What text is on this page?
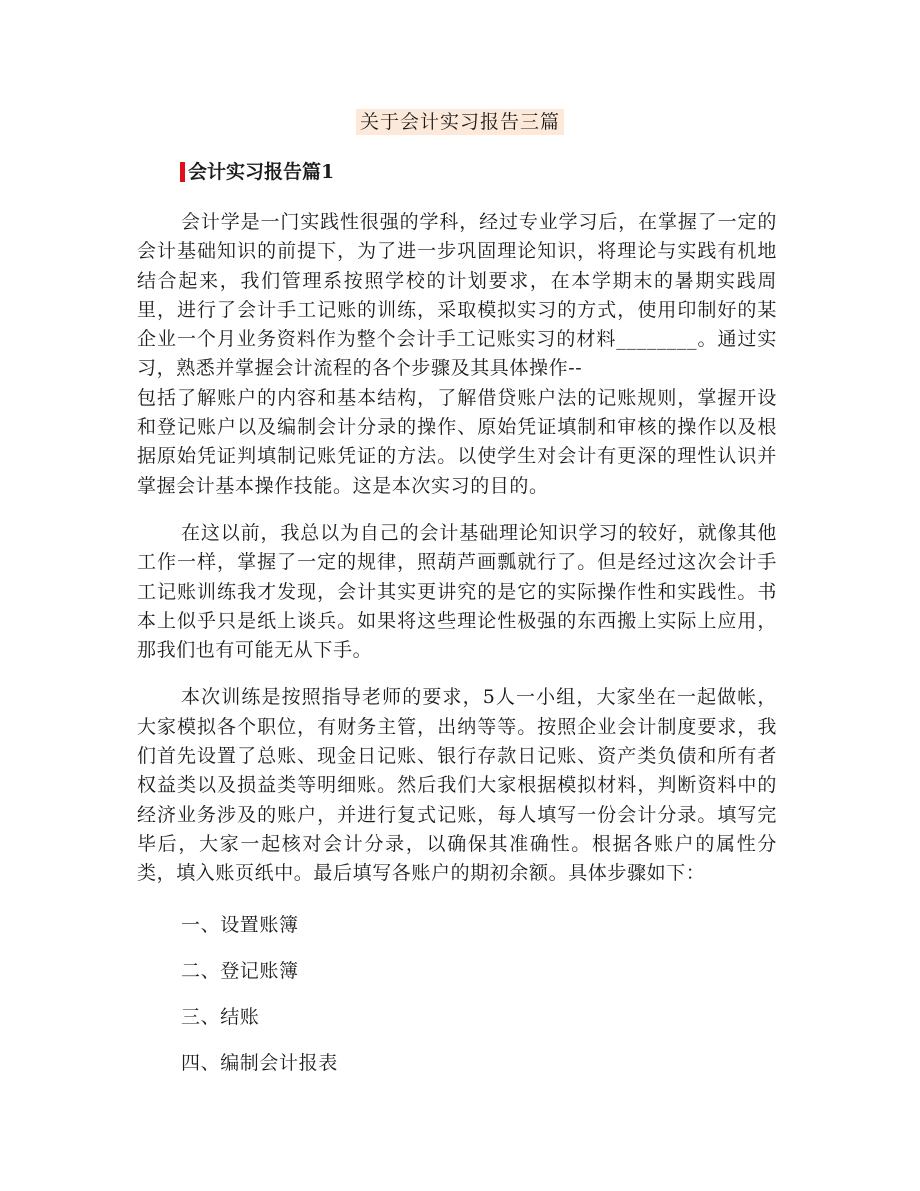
关于会计实习报告三篇
会计实习报告篇1

会计学是一门实践性很强的学科，经过专业学习后，在掌握了一定的会计基础知识的前提下，为了进一步巩固理论知识，将理论与实践有机地结合起来，我们管理系按照学校的计划要求，在本学期末的暑期实践周里，进行了会计手工记账的训练，采取模拟实习的方式，使用印制好的某企业一个月业务资料作为整个会计手工记账实习的材料________。通过实习，熟悉并掌握会计流程的各个步骤及其具体操作--

包括了解账户的内容和基本结构，了解借贷账户法的记账规则，掌握开设和登记账户以及编制会计分录的操作、原始凭证填制和审核的操作以及根据原始凭证判填制记账凭证的方法。以使学生对会计有更深的理性认识并掌握会计基本操作技能。这是本次实习的目的。

在这以前，我总以为自己的会计基础理论知识学习的较好，就像其他工作一样，掌握了一定的规律，照葫芦画瓢就行了。但是经过这次会计手工记账训练我才发现，会计其实更讲究的是它的实际操作性和实践性。书本上似乎只是纸上谈兵。如果将这些理论性极强的东西搬上实际上应用，那我们也有可能无从下手。

本次训练是按照指导老师的要求，5人一小组，大家坐在一起做帐，大家模拟各个职位，有财务主管，出纳等等。按照企业会计制度要求，我们首先设置了总账、现金日记账、银行存款日记账、资产类负债和所有者权益类以及损益类等明细账。然后我们大家根据模拟材料，判断资料中的经济业务涉及的账户，并进行复式记账，每人填写一份会计分录。填写完毕后，大家一起核对会计分录，以确保其准确性。根据各账户的属性分类，填入账页纸中。最后填写各账户的期初余额。具体步骤如下：

一、设置账簿
二、登记账簿
三、结账
四、编制会计报表
